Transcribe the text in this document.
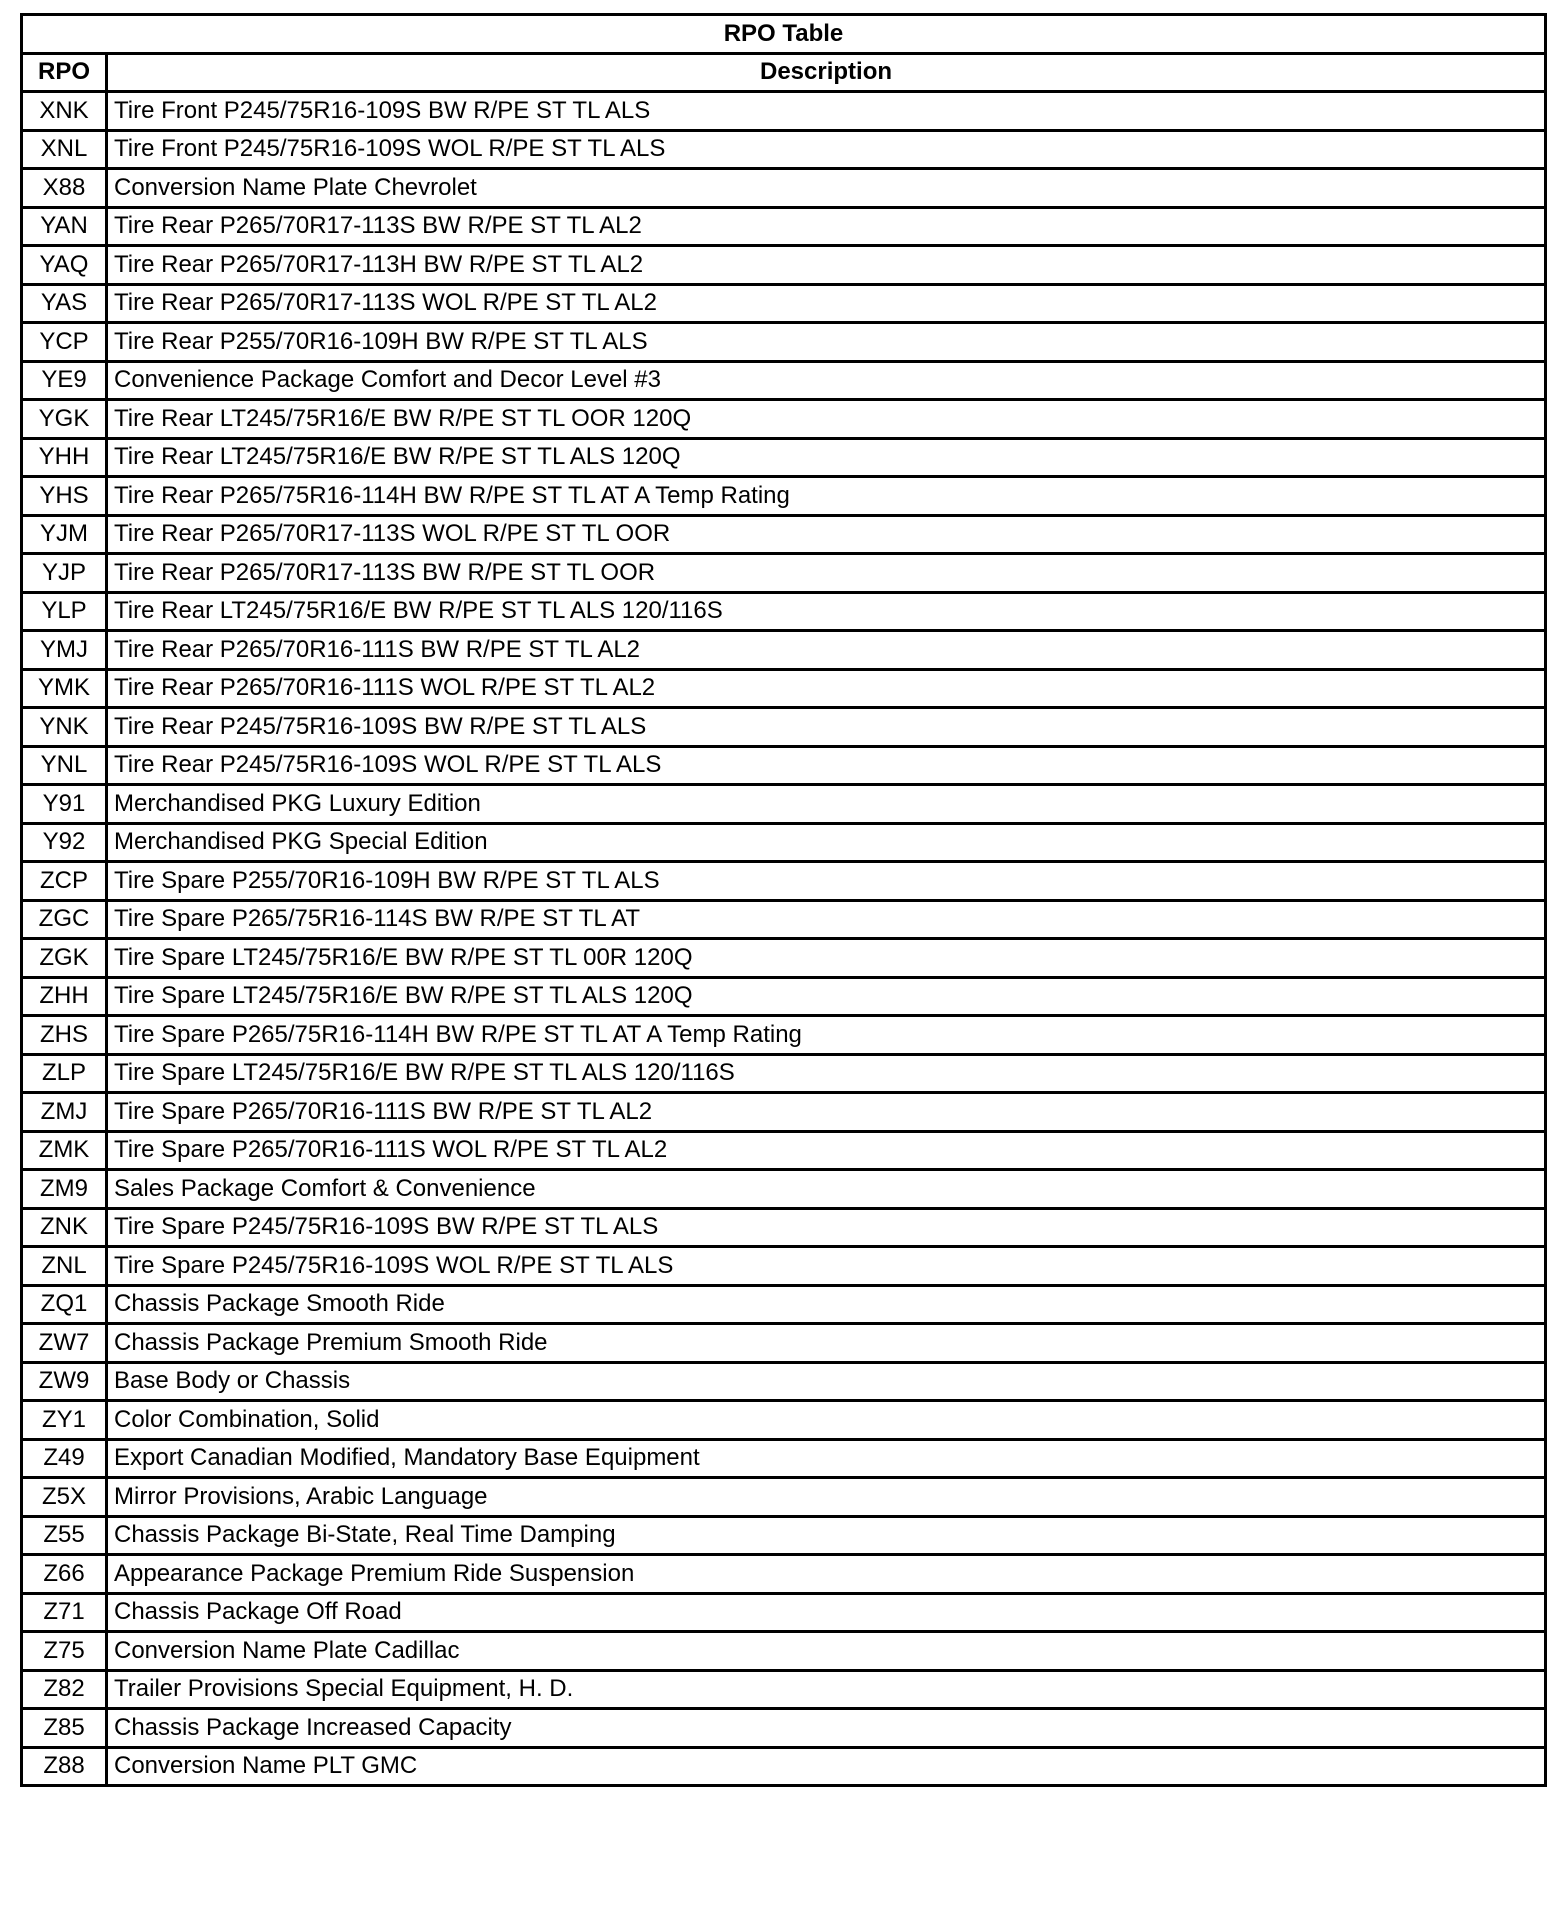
RPO Table	
RPO	Description
XNK	Tire Front P245/75R16-109S BW R/PE ST TL ALS
XNL	Tire Front P245/75R16-109S WOL R/PE ST TL ALS
X88	Conversion Name Plate Chevrolet
YAN	Tire Rear P265/70R17-113S BW R/PE ST TL AL2
YAQ	Tire Rear P265/70R17-113H BW R/PE ST TL AL2
YAS	Tire Rear P265/70R17-113S WOL R/PE ST TL AL2
YCP	Tire Rear P255/70R16-109H BW R/PE ST TL ALS
YE9	Convenience Package Comfort and Decor Level #3
YGK	Tire Rear LT245/75R16/E BW R/PE ST TL OOR 120Q
YHH	Tire Rear LT245/75R16/E BW R/PE ST TL ALS 120Q
YHS	Tire Rear P265/75R16-114H BW R/PE ST TL AT A Temp Rating
YJM	Tire Rear P265/70R17-113S WOL R/PE ST TL OOR
YJP	Tire Rear P265/70R17-113S BW R/PE ST TL OOR
YLP	Tire Rear LT245/75R16/E BW R/PE ST TL ALS 120/116S
YMJ	Tire Rear P265/70R16-111S BW R/PE ST TL AL2
YMK	Tire Rear P265/70R16-111S WOL R/PE ST TL AL2
YNK	Tire Rear P245/75R16-109S BW R/PE ST TL ALS
YNL	Tire Rear P245/75R16-109S WOL R/PE ST TL ALS
Y91	Merchandised PKG Luxury Edition
Y92	Merchandised PKG Special Edition
ZCP	Tire Spare P255/70R16-109H BW R/PE ST TL ALS
ZGC	Tire Spare P265/75R16-114S BW R/PE ST TL AT
ZGK	Tire Spare LT245/75R16/E BW R/PE ST TL 00R 120Q
ZHH	Tire Spare LT245/75R16/E BW R/PE ST TL ALS 120Q
ZHS	Tire Spare P265/75R16-114H BW R/PE ST TL AT A Temp Rating
ZLP	Tire Spare LT245/75R16/E BW R/PE ST TL ALS 120/116S
ZMJ	Tire Spare P265/70R16-111S BW R/PE ST TL AL2
ZMK	Tire Spare P265/70R16-111S WOL R/PE ST TL AL2
ZM9	Sales Package Comfort & Convenience
ZNK	Tire Spare P245/75R16-109S BW R/PE ST TL ALS
ZNL	Tire Spare P245/75R16-109S WOL R/PE ST TL ALS
ZQ1	Chassis Package Smooth Ride
ZW7	Chassis Package Premium Smooth Ride
ZW9	Base Body or Chassis
ZY1	Color Combination, Solid
Z49	Export Canadian Modified, Mandatory Base Equipment
Z5X	Mirror Provisions, Arabic Language
Z55	Chassis Package Bi-State, Real Time Damping
Z66	Appearance Package Premium Ride Suspension
Z71	Chassis Package Off Road
Z75	Conversion Name Plate Cadillac
Z82	Trailer Provisions Special Equipment, H. D.
Z85	Chassis Package Increased Capacity
Z88	Conversion Name PLT GMC
